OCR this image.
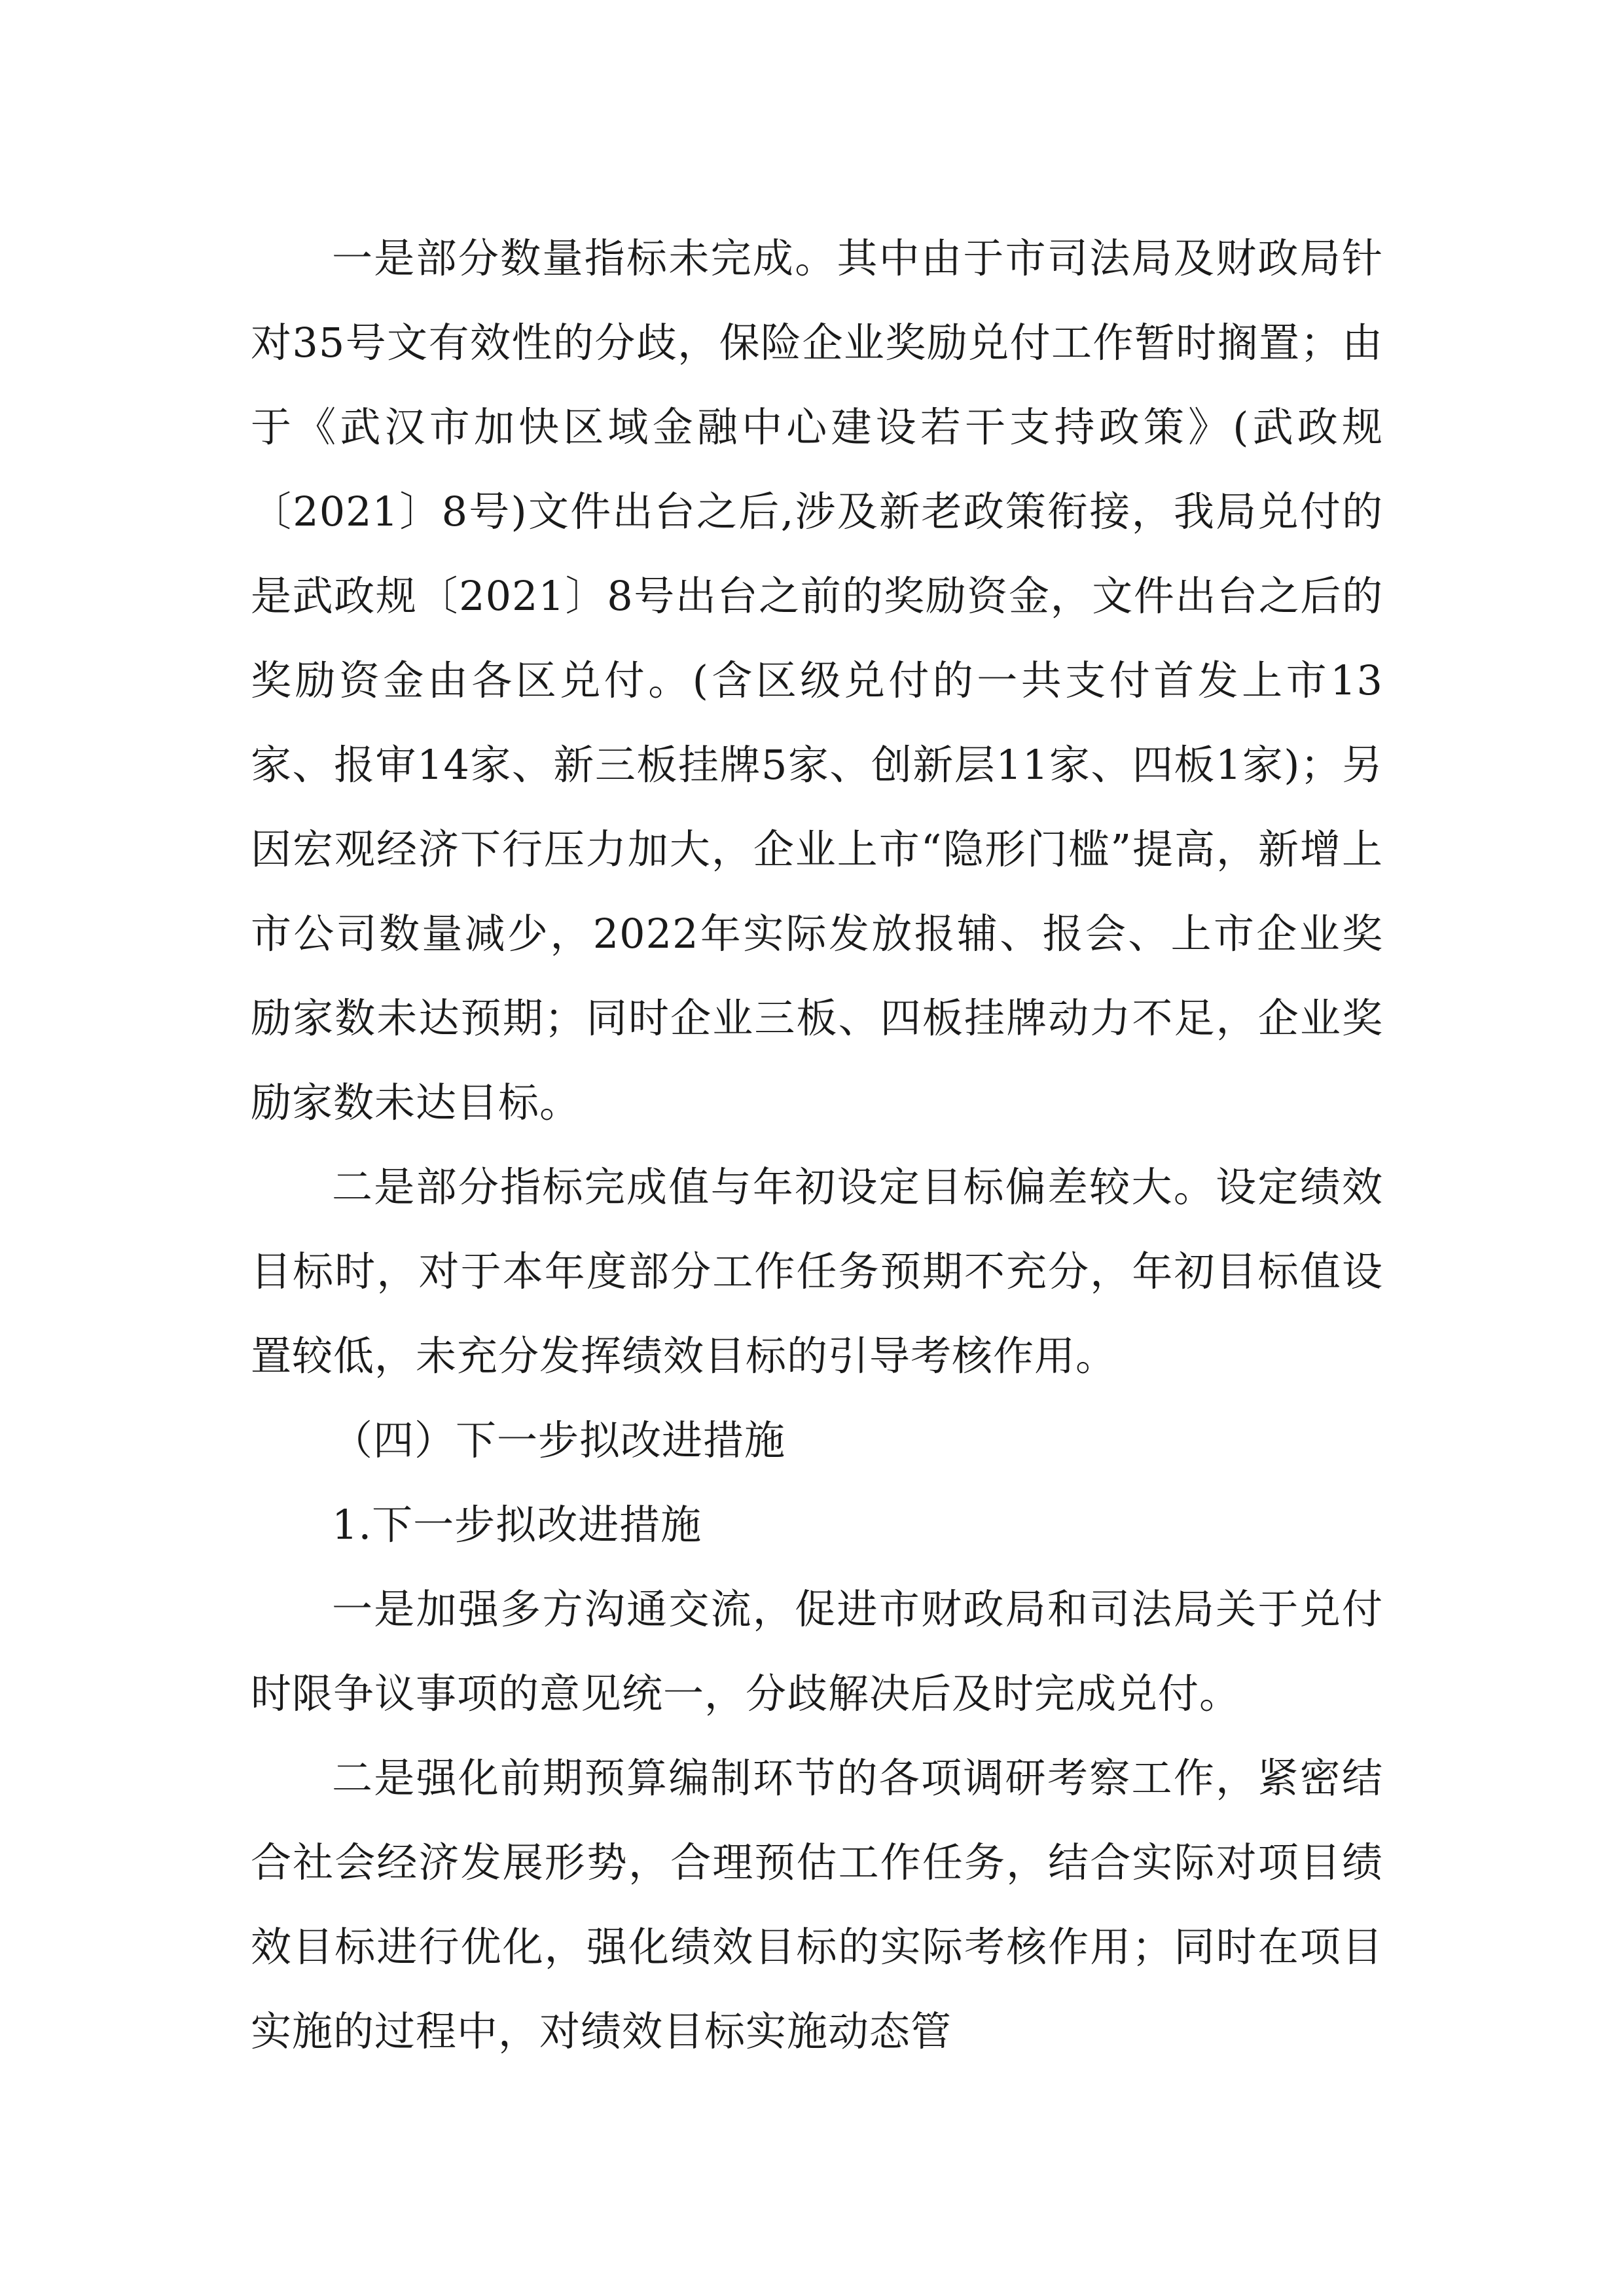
一是部分数量指标未完成。其中由于市司法局及财政局针对35号文有效性的分歧，保险企业奖励兑付工作暂时搁置；由于《武汉市加快区域金融中心建设若干支持政策》(武政规〔2021〕8号)文件出台之后,涉及新老政策衔接，我局兑付的是武政规〔2021〕8号出台之前的奖励资金，文件出台之后的奖励资金由各区兑付。(含区级兑付的一共支付首发上市13家、报审14家、新三板挂牌5家、创新层11家、四板1家)；另因宏观经济下行压力加大，企业上市“隐形门槛”提高，新增上市公司数量减少，2022年实际发放报辅、报会、上市企业奖励家数未达预期；同时企业三板、四板挂牌动力不足，企业奖励家数未达目标。

二是部分指标完成值与年初设定目标偏差较大。设定绩效目标时，对于本年度部分工作任务预期不充分，年初目标值设置较低，未充分发挥绩效目标的引导考核作用。

（四）下一步拟改进措施

1.下一步拟改进措施

一是加强多方沟通交流，促进市财政局和司法局关于兑付时限争议事项的意见统一，分歧解决后及时完成兑付。

二是强化前期预算编制环节的各项调研考察工作，紧密结合社会经济发展形势，合理预估工作任务，结合实际对项目绩效目标进行优化，强化绩效目标的实际考核作用；同时在项目实施的过程中，对绩效目标实施动态管
